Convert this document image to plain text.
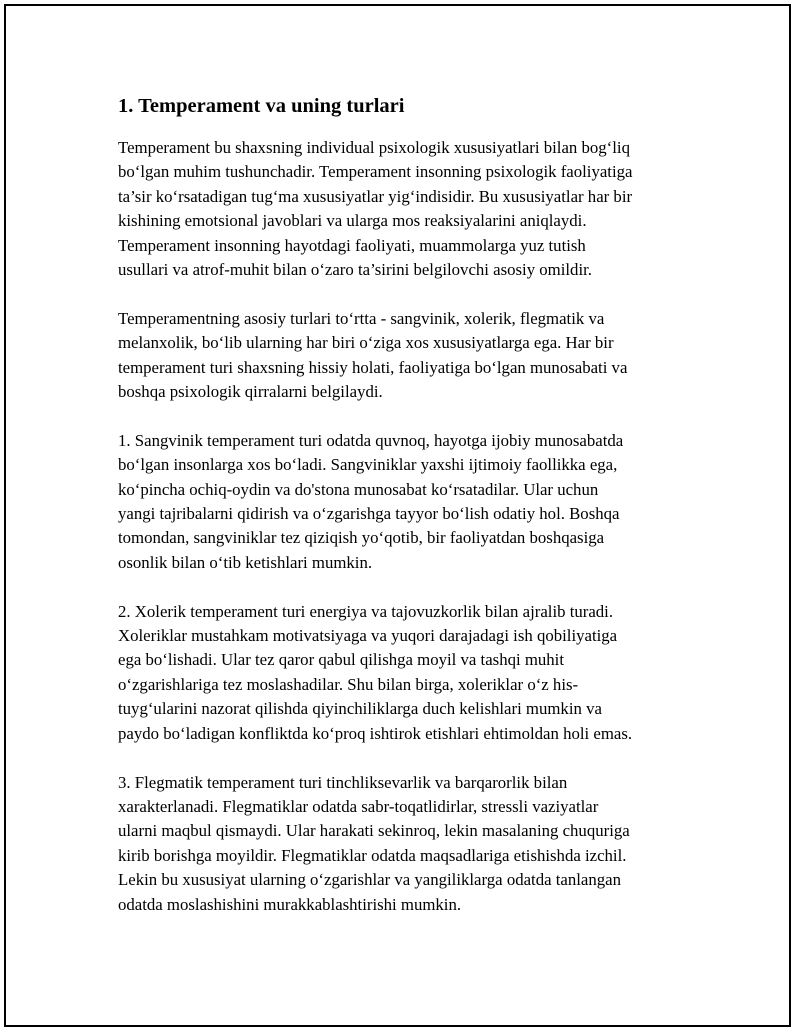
1. Temperament va uning turlari

Temperament bu shaxsning individual psixologik xususiyatlari bilan bog‘liq
bo‘lgan muhim tushunchadir. Temperament insonning psixologik faoliyatiga
ta’sir ko‘rsatadigan tug‘ma xususiyatlar yig‘indisidir. Bu xususiyatlar har bir
kishining emotsional javoblari va ularga mos reaksiyalarini aniqlaydi.
Temperament insonning hayotdagi faoliyati, muammolarga yuz tutish
usullari va atrof-muhit bilan o‘zaro ta’sirini belgilovchi asosiy omildir.

Temperamentning asosiy turlari to‘rtta - sangvinik, xolerik, flegmatik va
melanxolik, bo‘lib ularning har biri o‘ziga xos xususiyatlarga ega. Har bir
temperament turi shaxsning hissiy holati, faoliyatiga bo‘lgan munosabati va
boshqa psixologik qirralarni belgilaydi.

1. Sangvinik temperament turi odatda quvnoq, hayotga ijobiy munosabatda
bo‘lgan insonlarga xos bo‘ladi. Sangviniklar yaxshi ijtimoiy faollikka ega,
ko‘pincha ochiq-oydin va do'stona munosabat ko‘rsatadilar. Ular uchun
yangi tajribalarni qidirish va o‘zgarishga tayyor bo‘lish odatiy hol. Boshqa
tomondan, sangviniklar tez qiziqish yo‘qotib, bir faoliyatdan boshqasiga
osonlik bilan o‘tib ketishlari mumkin.

2. Xolerik temperament turi energiya va tajovuzkorlik bilan ajralib turadi.
Xoleriklar mustahkam motivatsiyaga va yuqori darajadagi ish qobiliyatiga
ega bo‘lishadi. Ular tez qaror qabul qilishga moyil va tashqi muhit
o‘zgarishlariga tez moslashadilar. Shu bilan birga, xoleriklar o‘z his-
tuyg‘ularini nazorat qilishda qiyinchiliklarga duch kelishlari mumkin va
paydo bo‘ladigan konfliktda ko‘proq ishtirok etishlari ehtimoldan holi emas.

3. Flegmatik temperament turi tinchliksevarlik va barqarorlik bilan
xarakterlanadi. Flegmatiklar odatda sabr-toqatlidirlar, stressli vaziyatlar
ularni maqbul qismaydi. Ular harakati sekinroq, lekin masalaning chuquriga
kirib borishga moyildir. Flegmatiklar odatda maqsadlariga etishishda izchil.
Lekin bu xususiyat ularning o‘zgarishlar va yangiliklarga odatda tanlangan
odatda moslashishini murakkablashtirishi mumkin.
